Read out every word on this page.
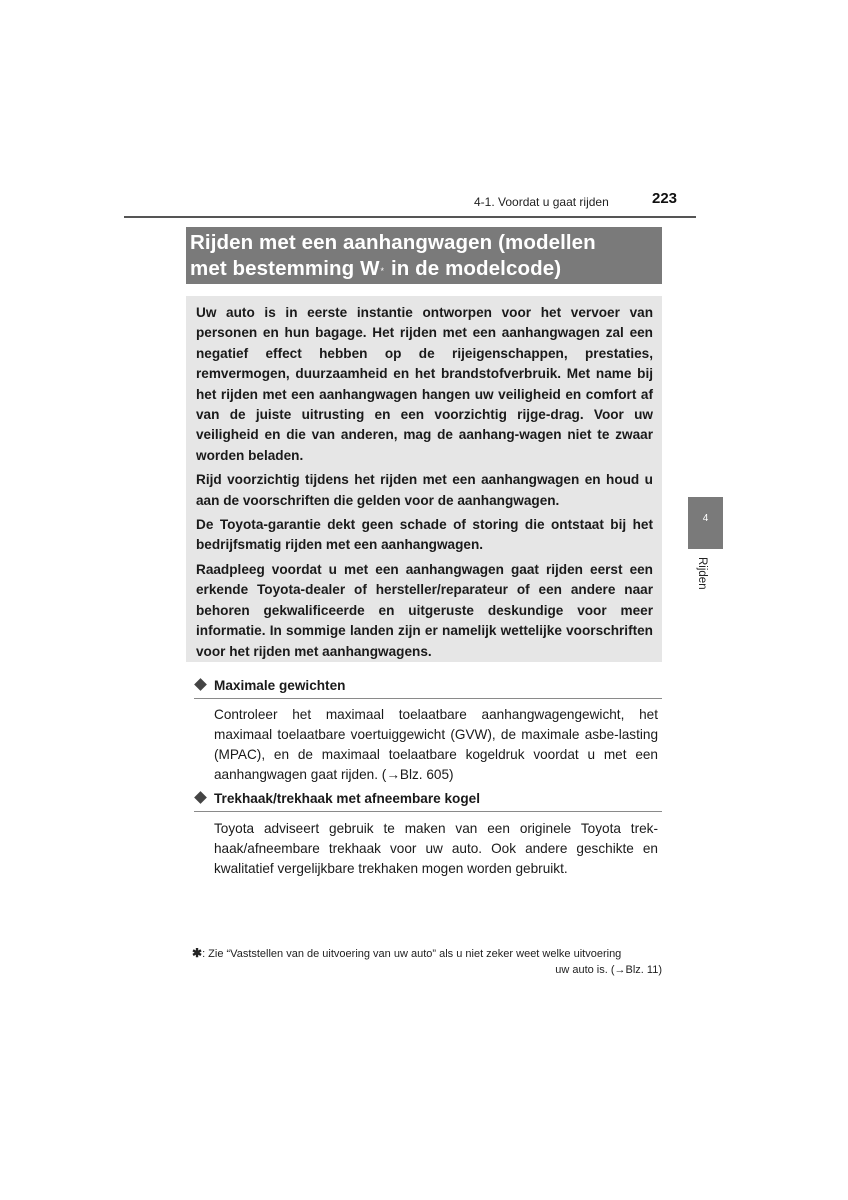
4-1. Voordat u gaat rijden	223
Rijden met een aanhangwagen (modellen
met bestemming W* in de modelcode)

Uw auto is in eerste instantie ontworpen voor het vervoer van personen en hun bagage. Het rijden met een aanhangwagen zal een negatief effect hebben op de rijeigenschappen, prestaties, remvermogen, duurzaamheid en het brandstofverbruik. Met name bij het rijden met een aanhangwagen hangen uw veiligheid en comfort af van de juiste uitrusting en een voorzichtig rijge-drag. Voor uw veiligheid en die van anderen, mag de aanhang-wagen niet te zwaar worden beladen.

Rijd voorzichtig tijdens het rijden met een aanhangwagen en houd u aan de voorschriften die gelden voor de aanhangwagen.

De Toyota-garantie dekt geen schade of storing die ontstaat bij het bedrijfsmatig rijden met een aanhangwagen.

Raadpleeg voordat u met een aanhangwagen gaat rijden eerst een erkende Toyota-dealer of hersteller/reparateur of een andere naar behoren gekwalificeerde en uitgeruste deskundige voor meer informatie. In sommige landen zijn er namelijk wettelijke voorschriften voor het rijden met aanhangwagens.

4
Rijden
Maximale gewichten
Controleer het maximaal toelaatbare aanhangwagengewicht, het maximaal toelaatbare voertuiggewicht (GVW), de maximale asbe-lasting (MPAC), en de maximaal toelaatbare kogeldruk voordat u met een aanhangwagen gaat rijden. (→Blz. 605)
Trekhaak/trekhaak met afneembare kogel
Toyota adviseert gebruik te maken van een originele Toyota trek-haak/afneembare trekhaak voor uw auto. Ook andere geschikte en kwalitatief vergelijkbare trekhaken mogen worden gebruikt.
✱: Zie “Vaststellen van de uitvoering van uw auto” als u niet zeker weet welke uitvoering
uw auto is. (→Blz. 11)
